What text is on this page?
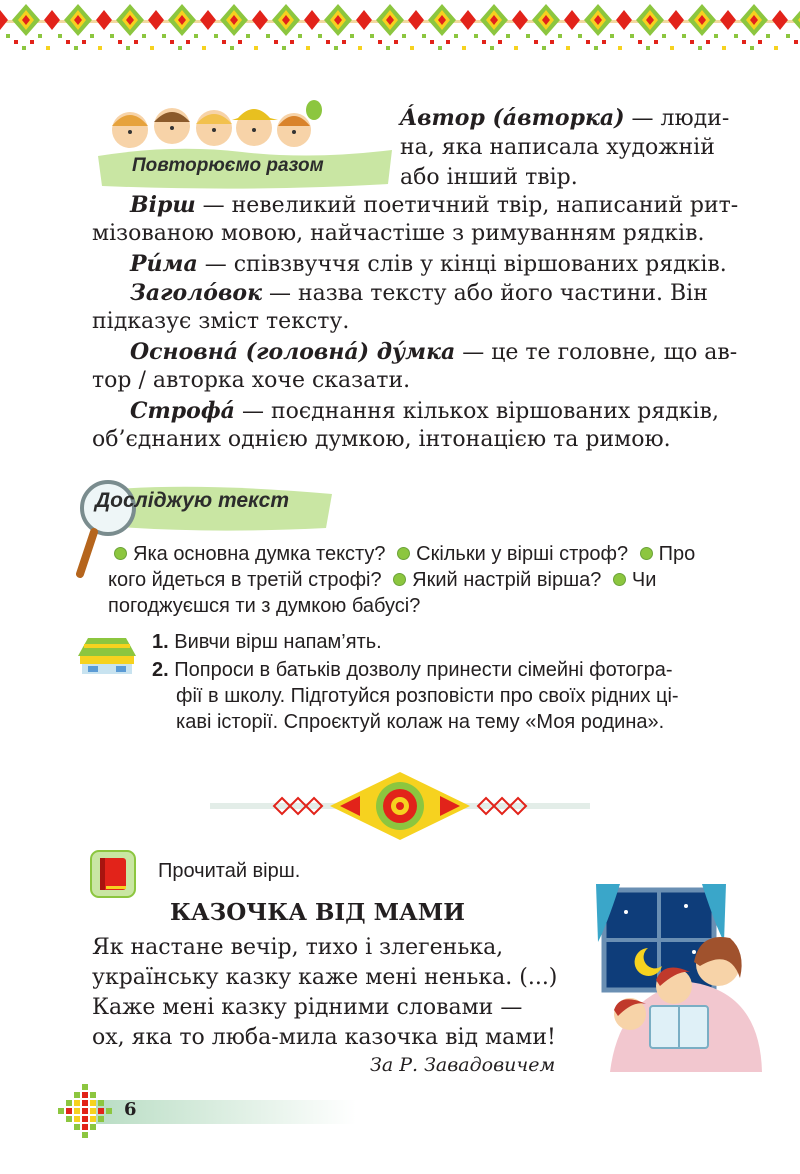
Повторюємо разом
Áвтор (áвторка) — люди-
на, яка написала художній
або інший твір.
Вірш — невеликий поетичний твір, написаний рит-
мізованою мовою, найчастіше з римуванням рядків.
Ри́ма — співзвуччя слів у кінці віршованих рядків.
Заголóвок — назва тексту або його частини. Він
підказує зміст тексту.
Основнá (головнá) ду́мка — це те головне, що ав-
тор / авторка хоче сказати.
Строфá — поєднання кількох віршованих рядків,
об’єднаних однією думкою, інтонацією та римою.
Досліджую текст
Яка основна думка тексту? Скільки у вірші строф? Про
кого йдеться в третій строфі? Який настрій вірша? Чи
погоджуєшся ти з думкою бабусі?
1. Вивчи вірш напам’ять.
2. Попроси в батьків дозволу принести сімейні фотогра-
фії в школу. Підготуйся розповісти про своїх рідних ці-
каві історії. Спроєктуй колаж на тему «Моя родина».
Прочитай вірш.
КАЗОЧКА ВІД МАМИ
Як настане вечір, тихо і злегенька,
українську казку каже мені ненька. (...)
Каже мені казку рідними словами —
ох, яка то люба-мила казочка від мами!
За Р. Завадовичем
6
